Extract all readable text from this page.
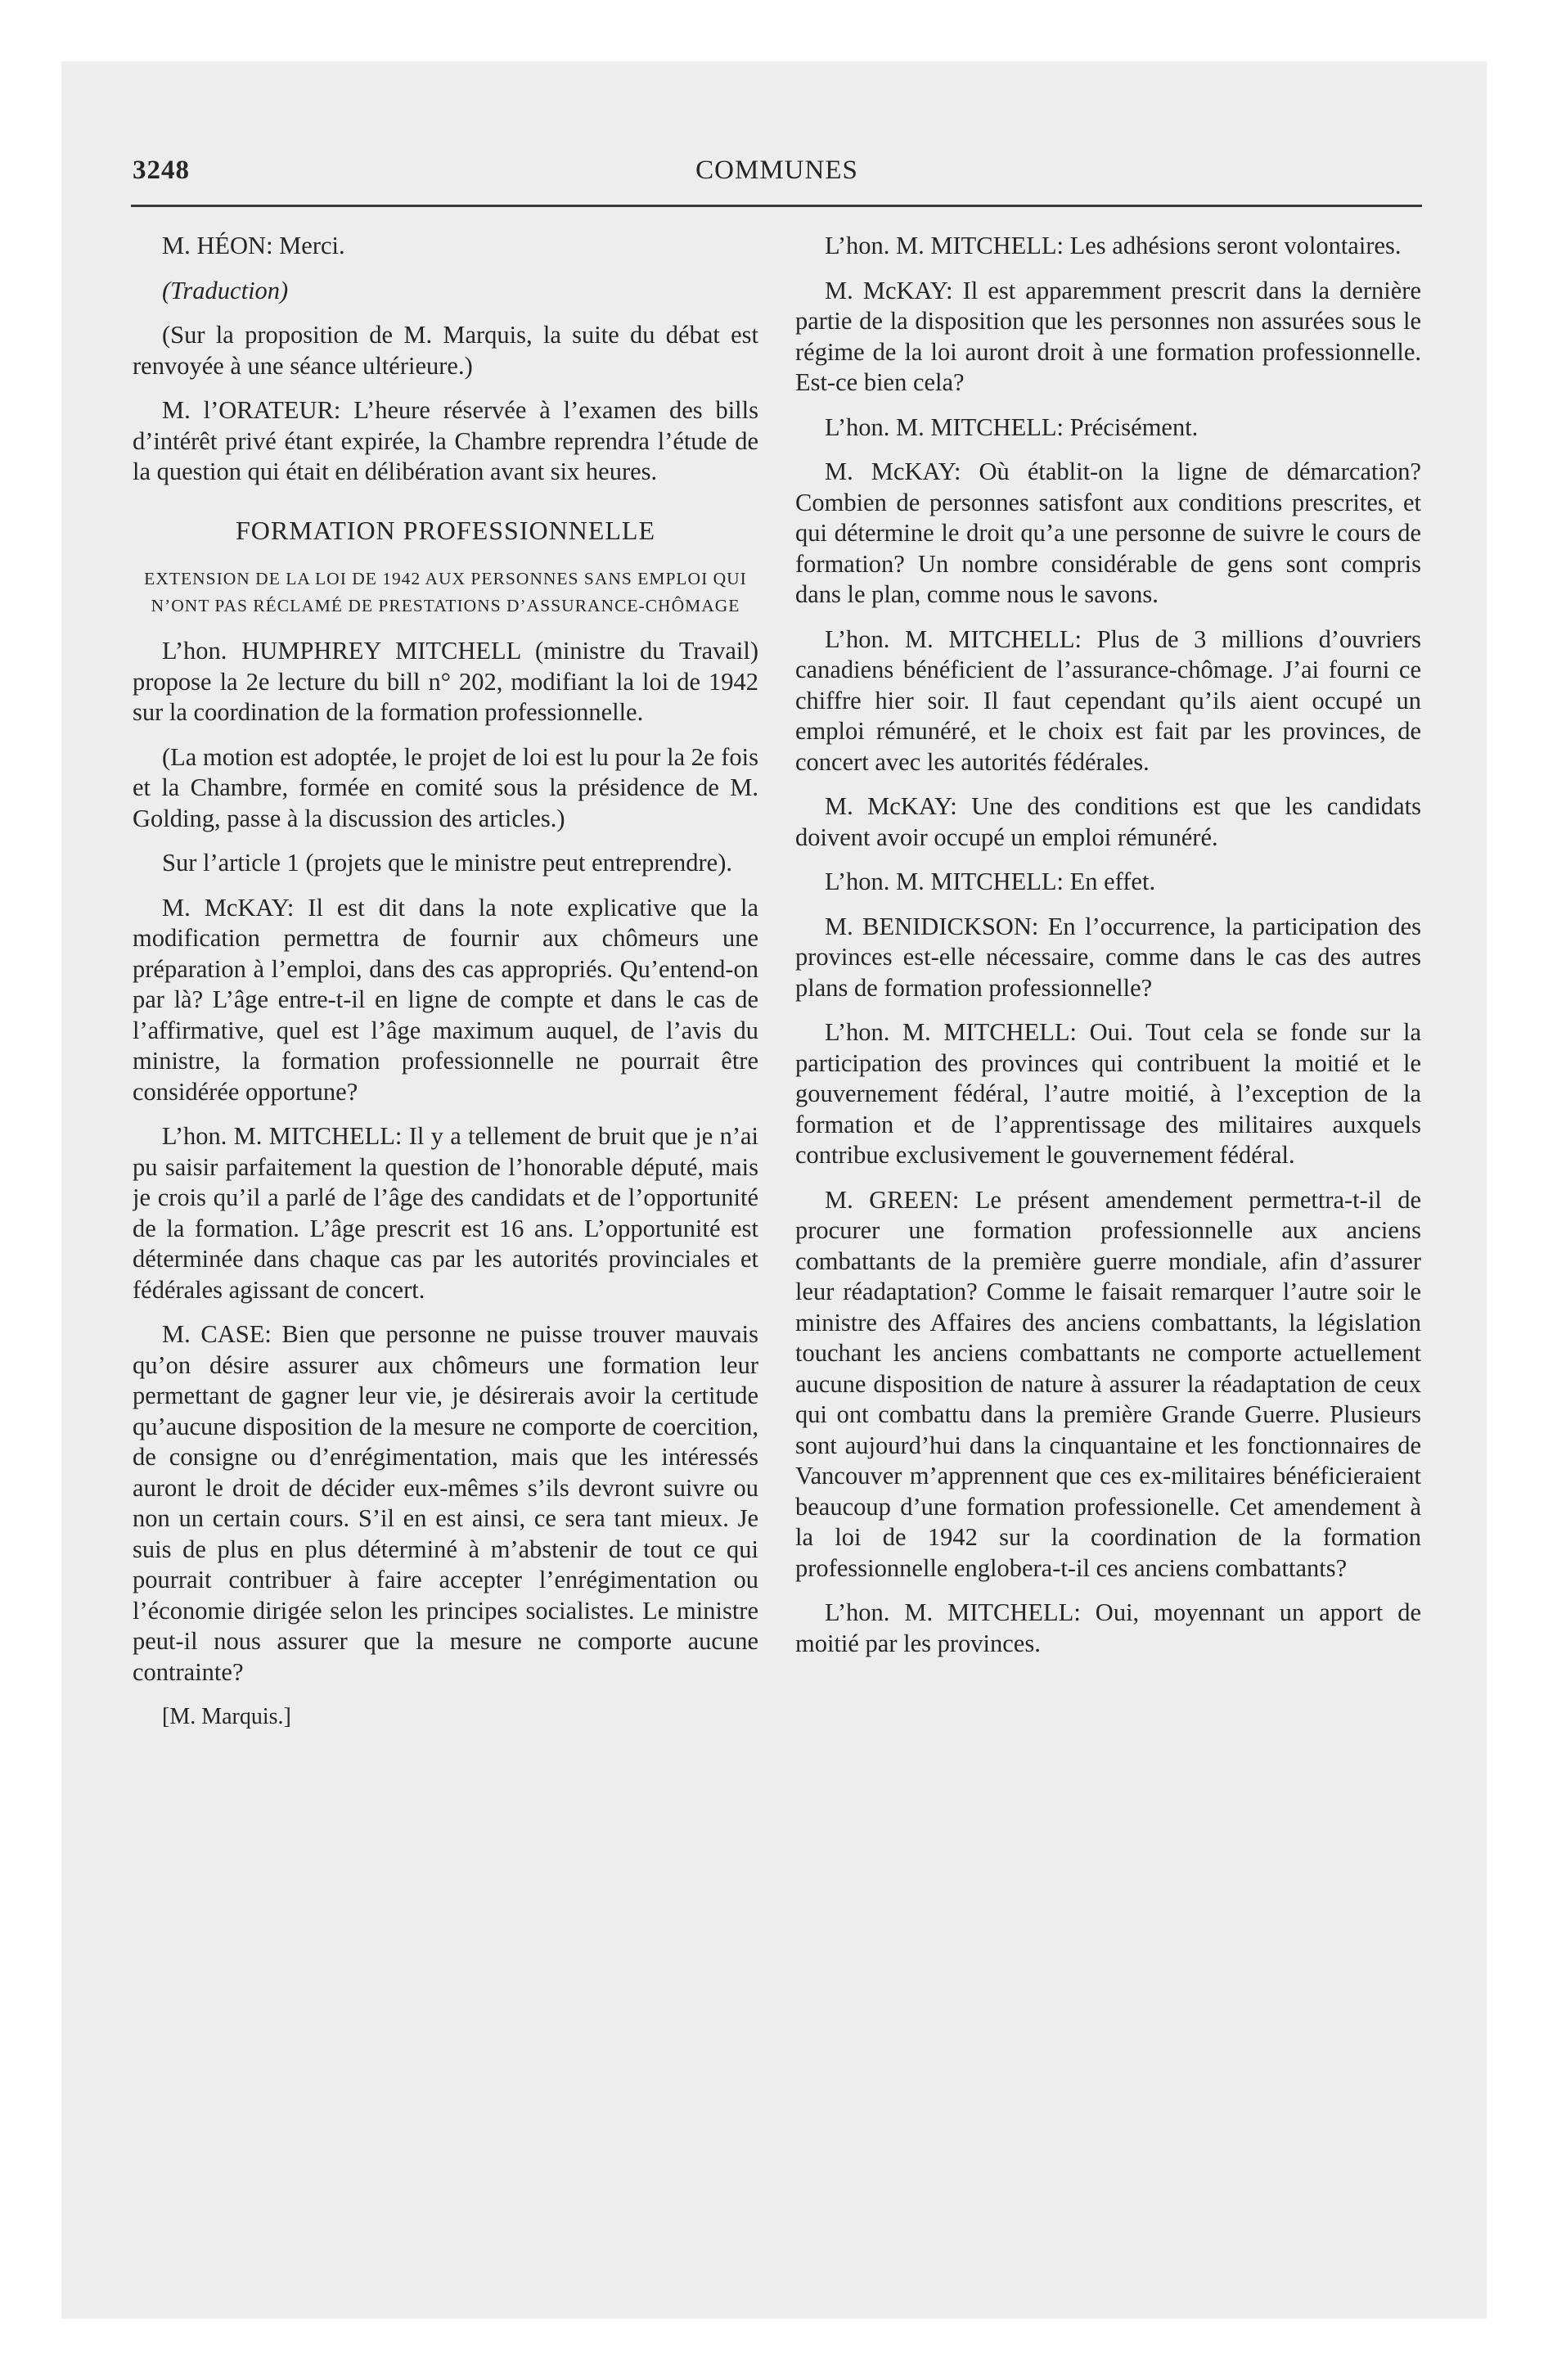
3248	COMMUNES

M. HÉON: Merci.

(Traduction)

(Sur la proposition de M. Marquis, la suite du débat est renvoyée à une séance ultérieure.)

M. l’ORATEUR: L’heure réservée à l’examen des bills d’intérêt privé étant expirée, la Chambre reprendra l’étude de la question qui était en délibération avant six heures.

FORMATION PROFESSIONNELLE
EXTENSION DE LA LOI DE 1942 AUX PERSONNES SANS EMPLOI QUI N’ONT PAS RÉCLAMÉ DE PRESTATIONS D’ASSURANCE-CHÔMAGE

L’hon. HUMPHREY MITCHELL (ministre du Travail) propose la 2e lecture du bill n° 202, modifiant la loi de 1942 sur la coordination de la formation professionnelle.

(La motion est adoptée, le projet de loi est lu pour la 2e fois et la Chambre, formée en comité sous la présidence de M. Golding, passe à la discussion des articles.)

Sur l’article 1 (projets que le ministre peut entreprendre).

M. McKAY: Il est dit dans la note explicative que la modification permettra de fournir aux chômeurs une préparation à l’emploi, dans des cas appropriés. Qu’entend-on par là? L’âge entre-t-il en ligne de compte et dans le cas de l’affirmative, quel est l’âge maximum auquel, de l’avis du ministre, la formation professionnelle ne pourrait être considérée opportune?

L’hon. M. MITCHELL: Il y a tellement de bruit que je n’ai pu saisir parfaitement la question de l’honorable député, mais je crois qu’il a parlé de l’âge des candidats et de l’opportunité de la formation. L’âge prescrit est 16 ans. L’opportunité est déterminée dans chaque cas par les autorités provinciales et fédérales agissant de concert.

M. CASE: Bien que personne ne puisse trouver mauvais qu’on désire assurer aux chômeurs une formation leur permettant de gagner leur vie, je désirerais avoir la certitude qu’aucune disposition de la mesure ne comporte de coercition, de consigne ou d’enrégimentation, mais que les intéressés auront le droit de décider eux-mêmes s’ils devront suivre ou non un certain cours. S’il en est ainsi, ce sera tant mieux. Je suis de plus en plus déterminé à m’abstenir de tout ce qui pourrait contribuer à faire accepter l’enrégimentation ou l’économie dirigée selon les principes socialistes. Le ministre peut-il nous assurer que la mesure ne comporte aucune contrainte?

[M. Marquis.]

L’hon. M. MITCHELL: Les adhésions seront volontaires.

M. McKAY: Il est apparemment prescrit dans la dernière partie de la disposition que les personnes non assurées sous le régime de la loi auront droit à une formation professionnelle. Est-ce bien cela?

L’hon. M. MITCHELL: Précisément.

M. McKAY: Où établit-on la ligne de démarcation? Combien de personnes satisfont aux conditions prescrites, et qui détermine le droit qu’a une personne de suivre le cours de formation? Un nombre considérable de gens sont compris dans le plan, comme nous le savons.

L’hon. M. MITCHELL: Plus de 3 millions d’ouvriers canadiens bénéficient de l’assurance-chômage. J’ai fourni ce chiffre hier soir. Il faut cependant qu’ils aient occupé un emploi rémunéré, et le choix est fait par les provinces, de concert avec les autorités fédérales.

M. McKAY: Une des conditions est que les candidats doivent avoir occupé un emploi rémunéré.

L’hon. M. MITCHELL: En effet.

M. BENIDICKSON: En l’occurrence, la participation des provinces est-elle nécessaire, comme dans le cas des autres plans de formation professionnelle?

L’hon. M. MITCHELL: Oui. Tout cela se fonde sur la participation des provinces qui contribuent la moitié et le gouvernement fédéral, l’autre moitié, à l’exception de la formation et de l’apprentissage des militaires auxquels contribue exclusivement le gouvernement fédéral.

M. GREEN: Le présent amendement permettra-t-il de procurer une formation professionnelle aux anciens combattants de la première guerre mondiale, afin d’assurer leur réadaptation? Comme le faisait remarquer l’autre soir le ministre des Affaires des anciens combattants, la législation touchant les anciens combattants ne comporte actuellement aucune disposition de nature à assurer la réadaptation de ceux qui ont combattu dans la première Grande Guerre. Plusieurs sont aujourd’hui dans la cinquantaine et les fonctionnaires de Vancouver m’apprennent que ces ex-militaires bénéficieraient beaucoup d’une formation professionelle. Cet amendement à la loi de 1942 sur la coordination de la formation professionnelle englobera-t-il ces anciens combattants?

L’hon. M. MITCHELL: Oui, moyennant un apport de moitié par les provinces.
